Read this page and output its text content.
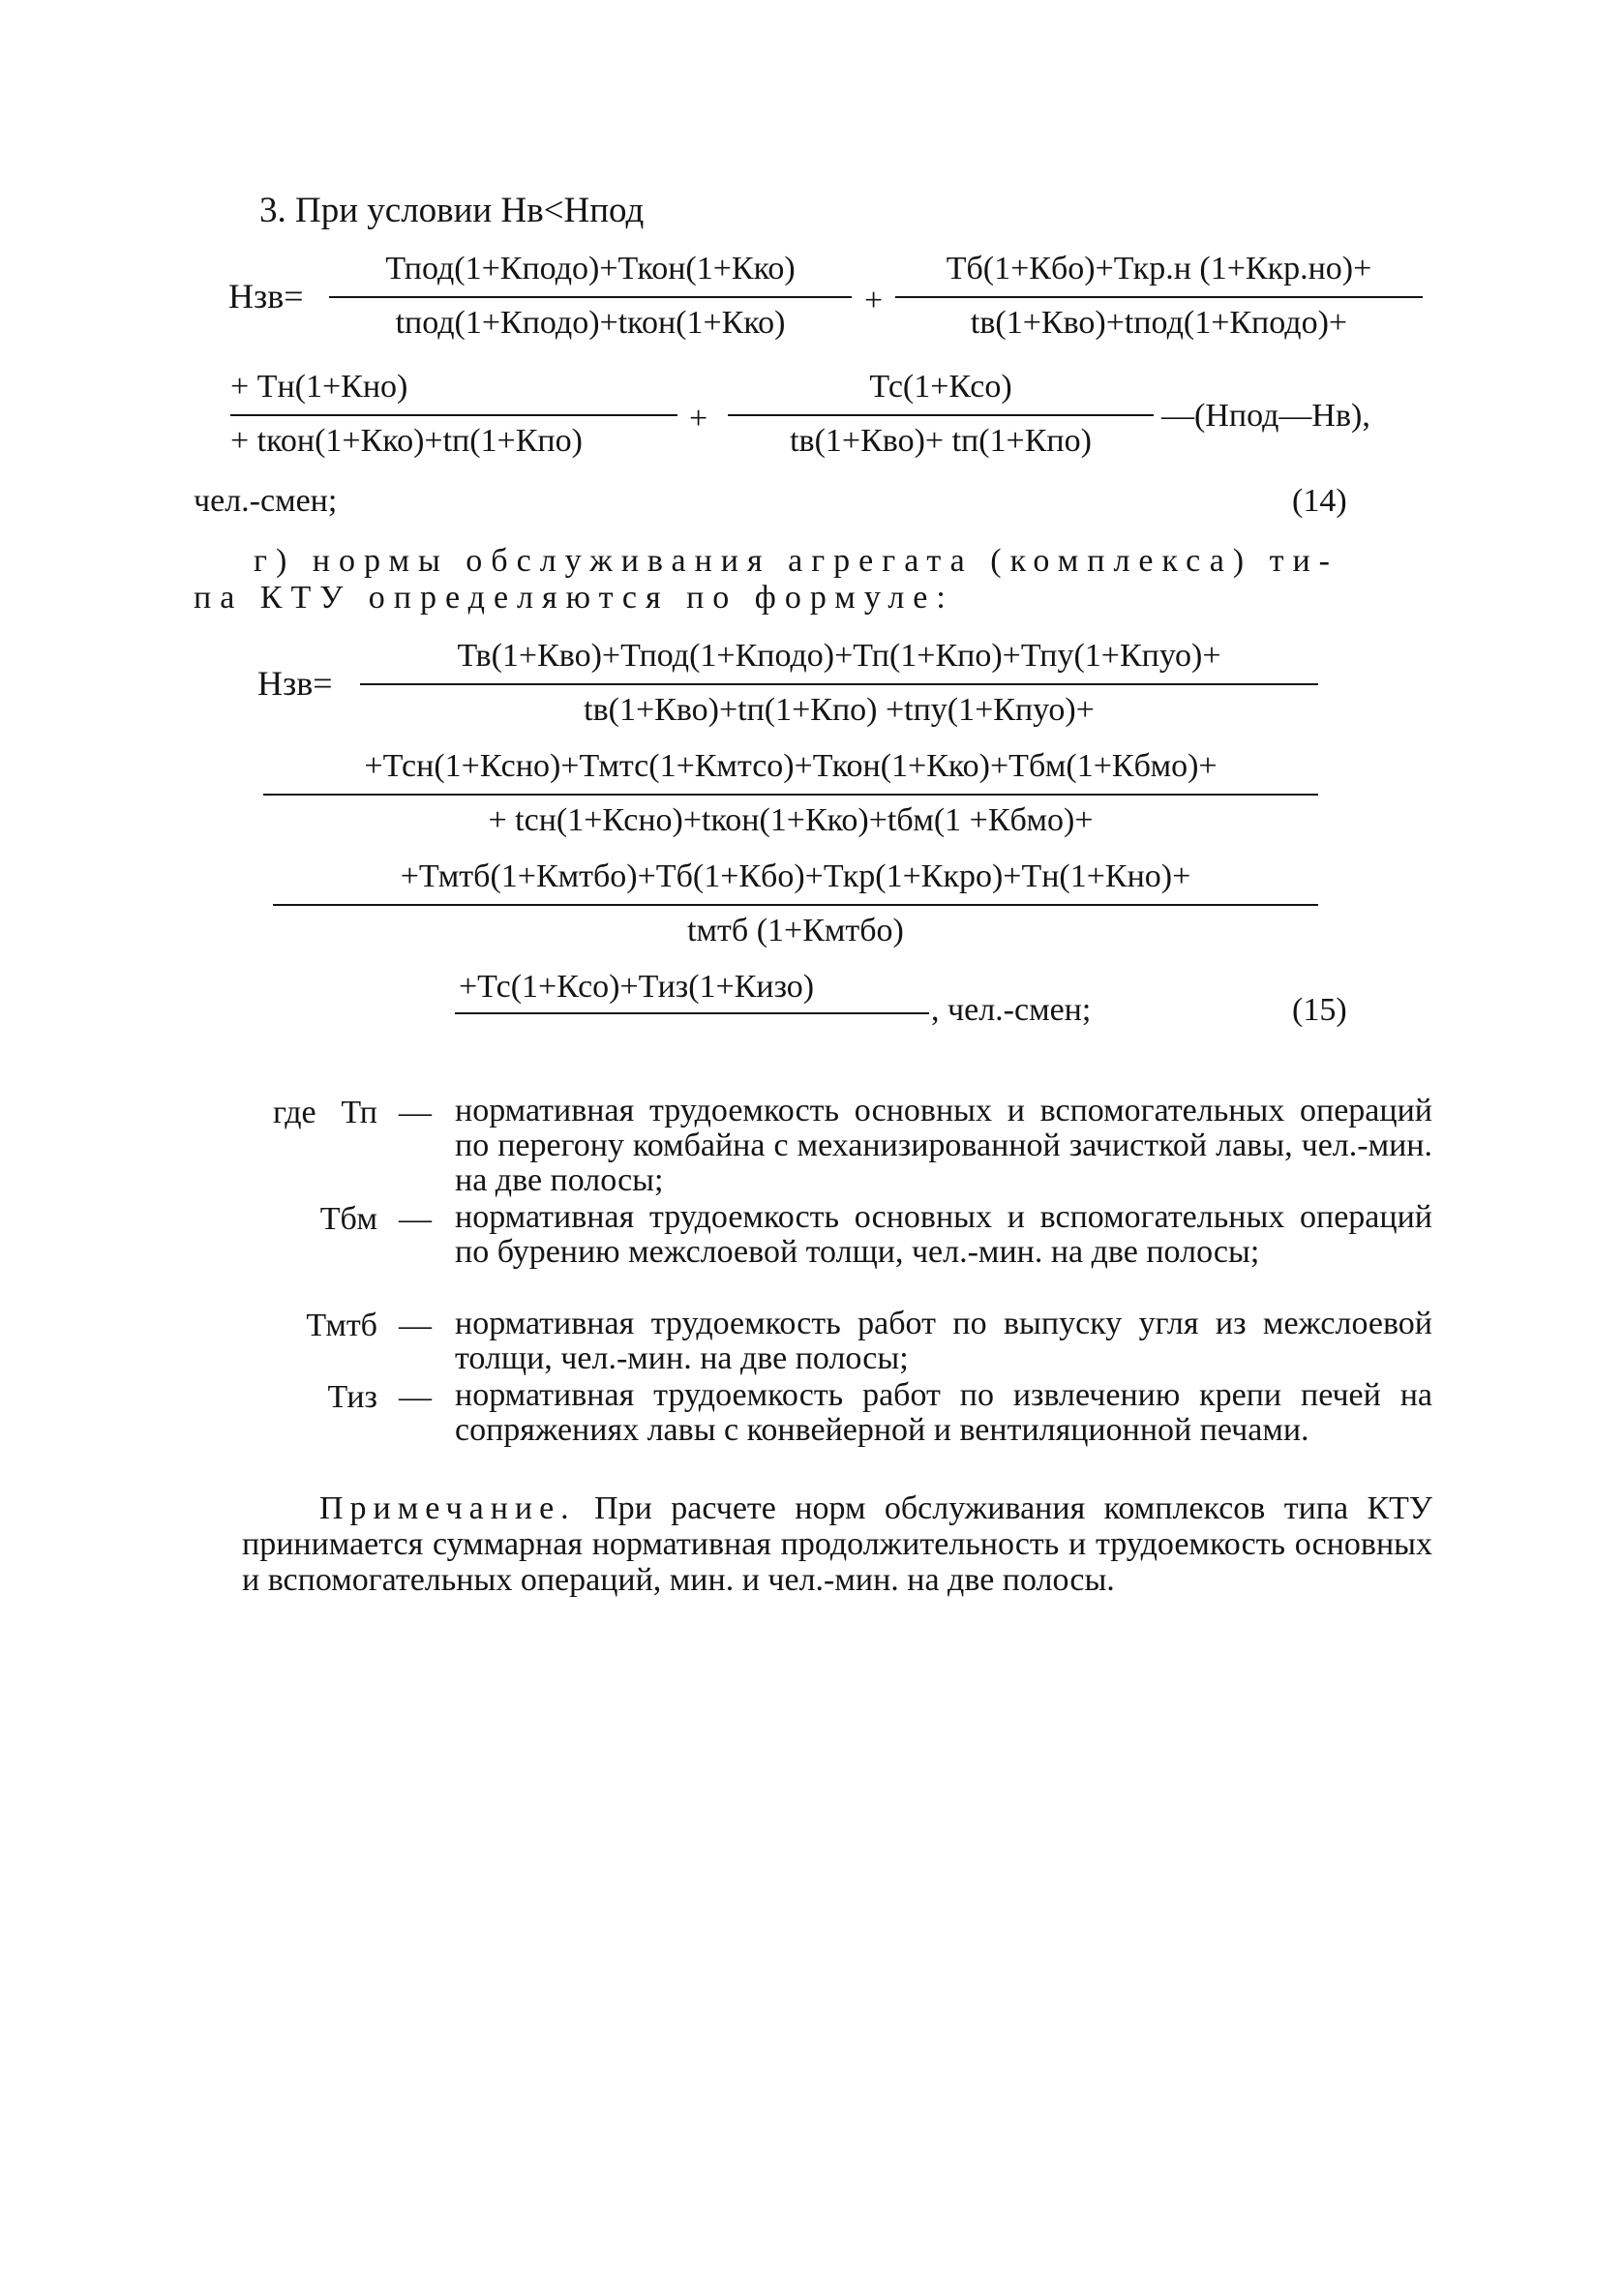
3. При условии Нв<Нпод
Нзв=
Тпод(1+Кподо)+Ткон(1+Кко)
tпод(1+Кподо)+tкон(1+Кко)
+
Тб(1+Кбо)+Ткр.н (1+Ккр.но)+
tв(1+Кво)+tпод(1+Кподо)+
+ Тн(1+Кно)
+ tкон(1+Кко)+tп(1+Кпо)
+
Тс(1+Ксо)
tв(1+Кво)+ tп(1+Кпо)
—(Нпод—Нв),
чел.-смен;	(14)
г) нормы обслуживания агрегата (комплекса) ти-
па КТУ определяются по формуле:
Нзв=
Тв(1+Кво)+Тпод(1+Кподо)+Тп(1+Кпо)+Тпу(1+Кпуо)+
tв(1+Кво)+tп(1+Кпо) +tпу(1+Кпуо)+
+Тсн(1+Ксно)+Тмтс(1+Кмтсо)+Ткон(1+Кко)+Тбм(1+Кбмо)+
+ tсн(1+Ксно)+tкон(1+Кко)+tбм(1 +Кбмо)+
+Тмтб(1+Кмтбо)+Тб(1+Кбо)+Ткр(1+Ккро)+Тн(1+Кно)+
tмтб (1+Кмтбо)
+Тс(1+Ксо)+Тиз(1+Кизо)
, чел.-смен;	(15)
где Тп — нормативная трудоемкость основных и вспомогательных операций по перегону комбайна с механизированной зачисткой лавы, чел.-мин. на две полосы;
Тбм — нормативная трудоемкость основных и вспомогательных операций по бурению межслоевой толщи, чел.-мин. на две полосы;
Тмтб — нормативная трудоемкость работ по выпуску угля из межслоевой толщи, чел.-мин. на две полосы;
Тиз — нормативная трудоемкость работ по извлечению крепи печей на сопряжениях лавы с конвейерной и вентиляционной печами.
Примечание. При расчете норм обслуживания комплексов типа КТУ принимается суммарная нормативная продолжительность и трудоемкость основных и вспомогательных операций, мин. и чел.-мин. на две полосы.
